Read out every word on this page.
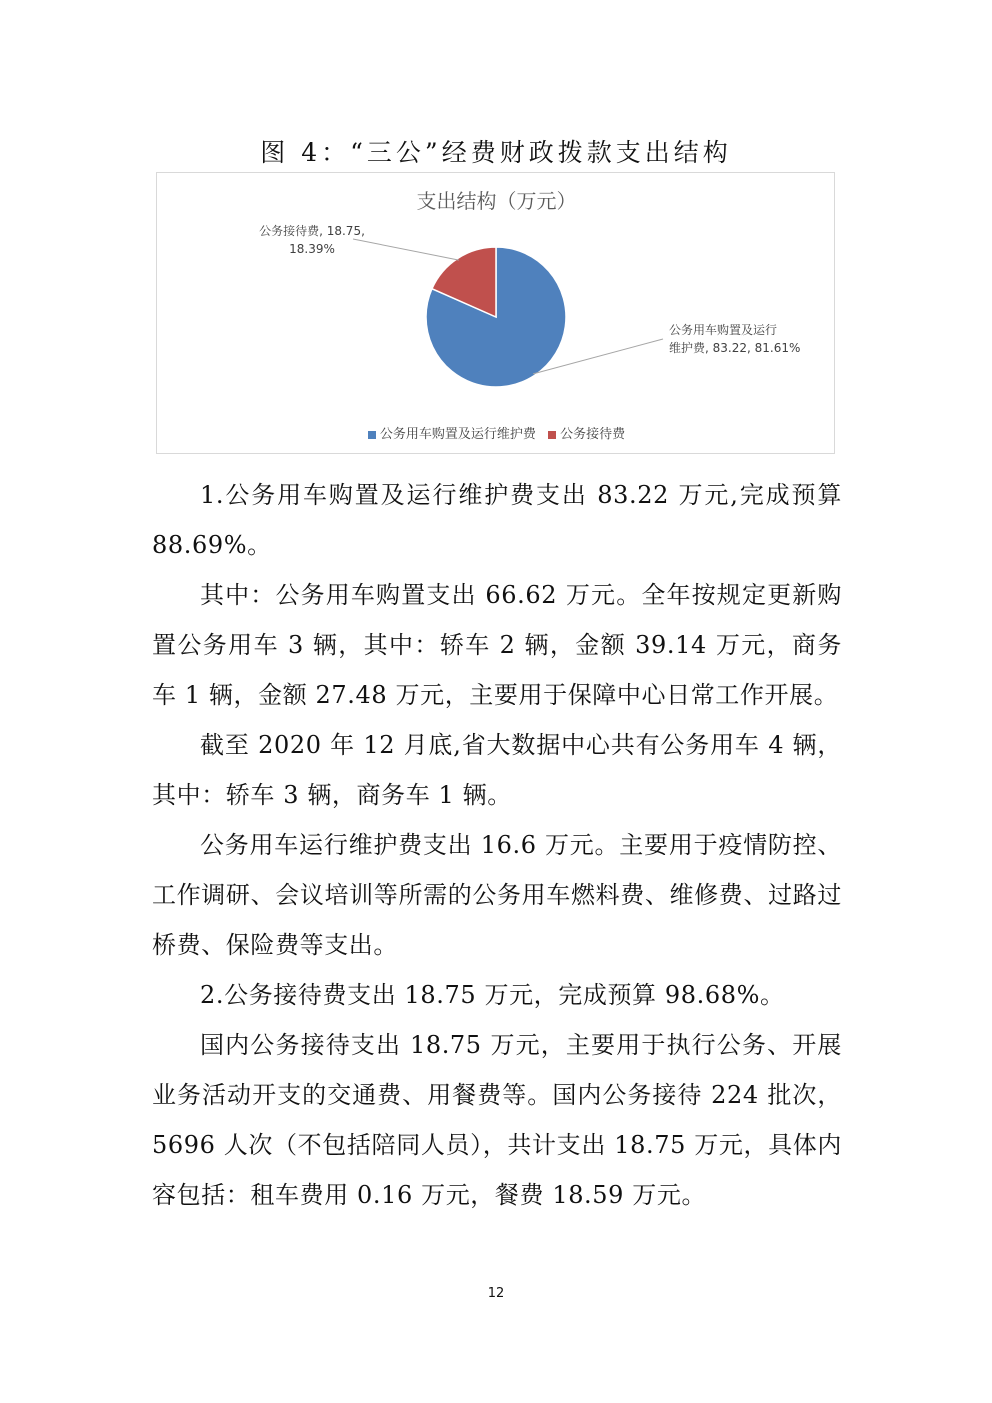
图 4：“三公”经费财政拨款支出结构
支出结构（万元）
公务用车购置及运行维护费, 83.22, 81.61%
公务接待费, 18.75, 18.39%
公务用车购置及运行维护费 公务接待费

1.公务用车购置及运行维护费支出 83.22 万元,完成预算 88.69%。

其中：公务用车购置支出 66.62 万元。全年按规定更新购置公务用车 3 辆，其中：轿车 2 辆，金额 39.14 万元，商务车 1 辆，金额 27.48 万元，主要用于保障中心日常工作开展。

截至 2020 年 12 月底,省大数据中心共有公务用车 4 辆，其中：轿车 3 辆，商务车 1 辆。

公务用车运行维护费支出 16.6 万元。主要用于疫情防控、工作调研、会议培训等所需的公务用车燃料费、维修费、过路过桥费、保险费等支出。

2.公务接待费支出 18.75 万元，完成预算 98.68%。

国内公务接待支出 18.75 万元，主要用于执行公务、开展业务活动开支的交通费、用餐费等。国内公务接待 224 批次，5696 人次（不包括陪同人员），共计支出 18.75 万元，具体内容包括：租车费用 0.16 万元，餐费 18.59 万元。

12
